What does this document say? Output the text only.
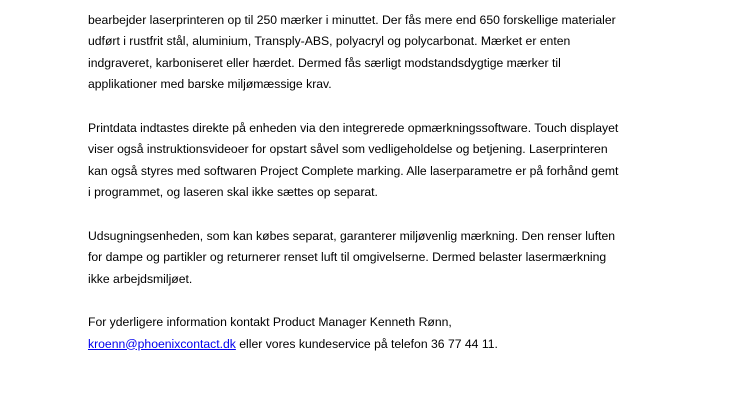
bearbejder laserprinteren op til 250 mærker i minuttet. Der fås mere end 650 forskellige materialer
udført i rustfrit stål, aluminium, Transply-ABS, polyacryl og polycarbonat. Mærket er enten
indgraveret, karboniseret eller hærdet. Dermed fås særligt modstandsdygtige mærker til
applikationer med barske miljømæssige krav.

Printdata indtastes direkte på enheden via den integrerede opmærkningssoftware. Touch displayet
viser også instruktionsvideoer for opstart såvel som vedligeholdelse og betjening. Laserprinteren
kan også styres med softwaren Project Complete marking. Alle laserparametre er på forhånd gemt
i programmet, og laseren skal ikke sættes op separat.

Udsugningsenheden, som kan købes separat, garanterer miljøvenlig mærkning. Den renser luften
for dampe og partikler og returnerer renset luft til omgivelserne. Dermed belaster lasermærkning
ikke arbejdsmiljøet.

For yderligere information kontakt Product Manager Kenneth Rønn,
kroenn@phoenixcontact.dk eller vores kundeservice på telefon 36 77 44 11.
